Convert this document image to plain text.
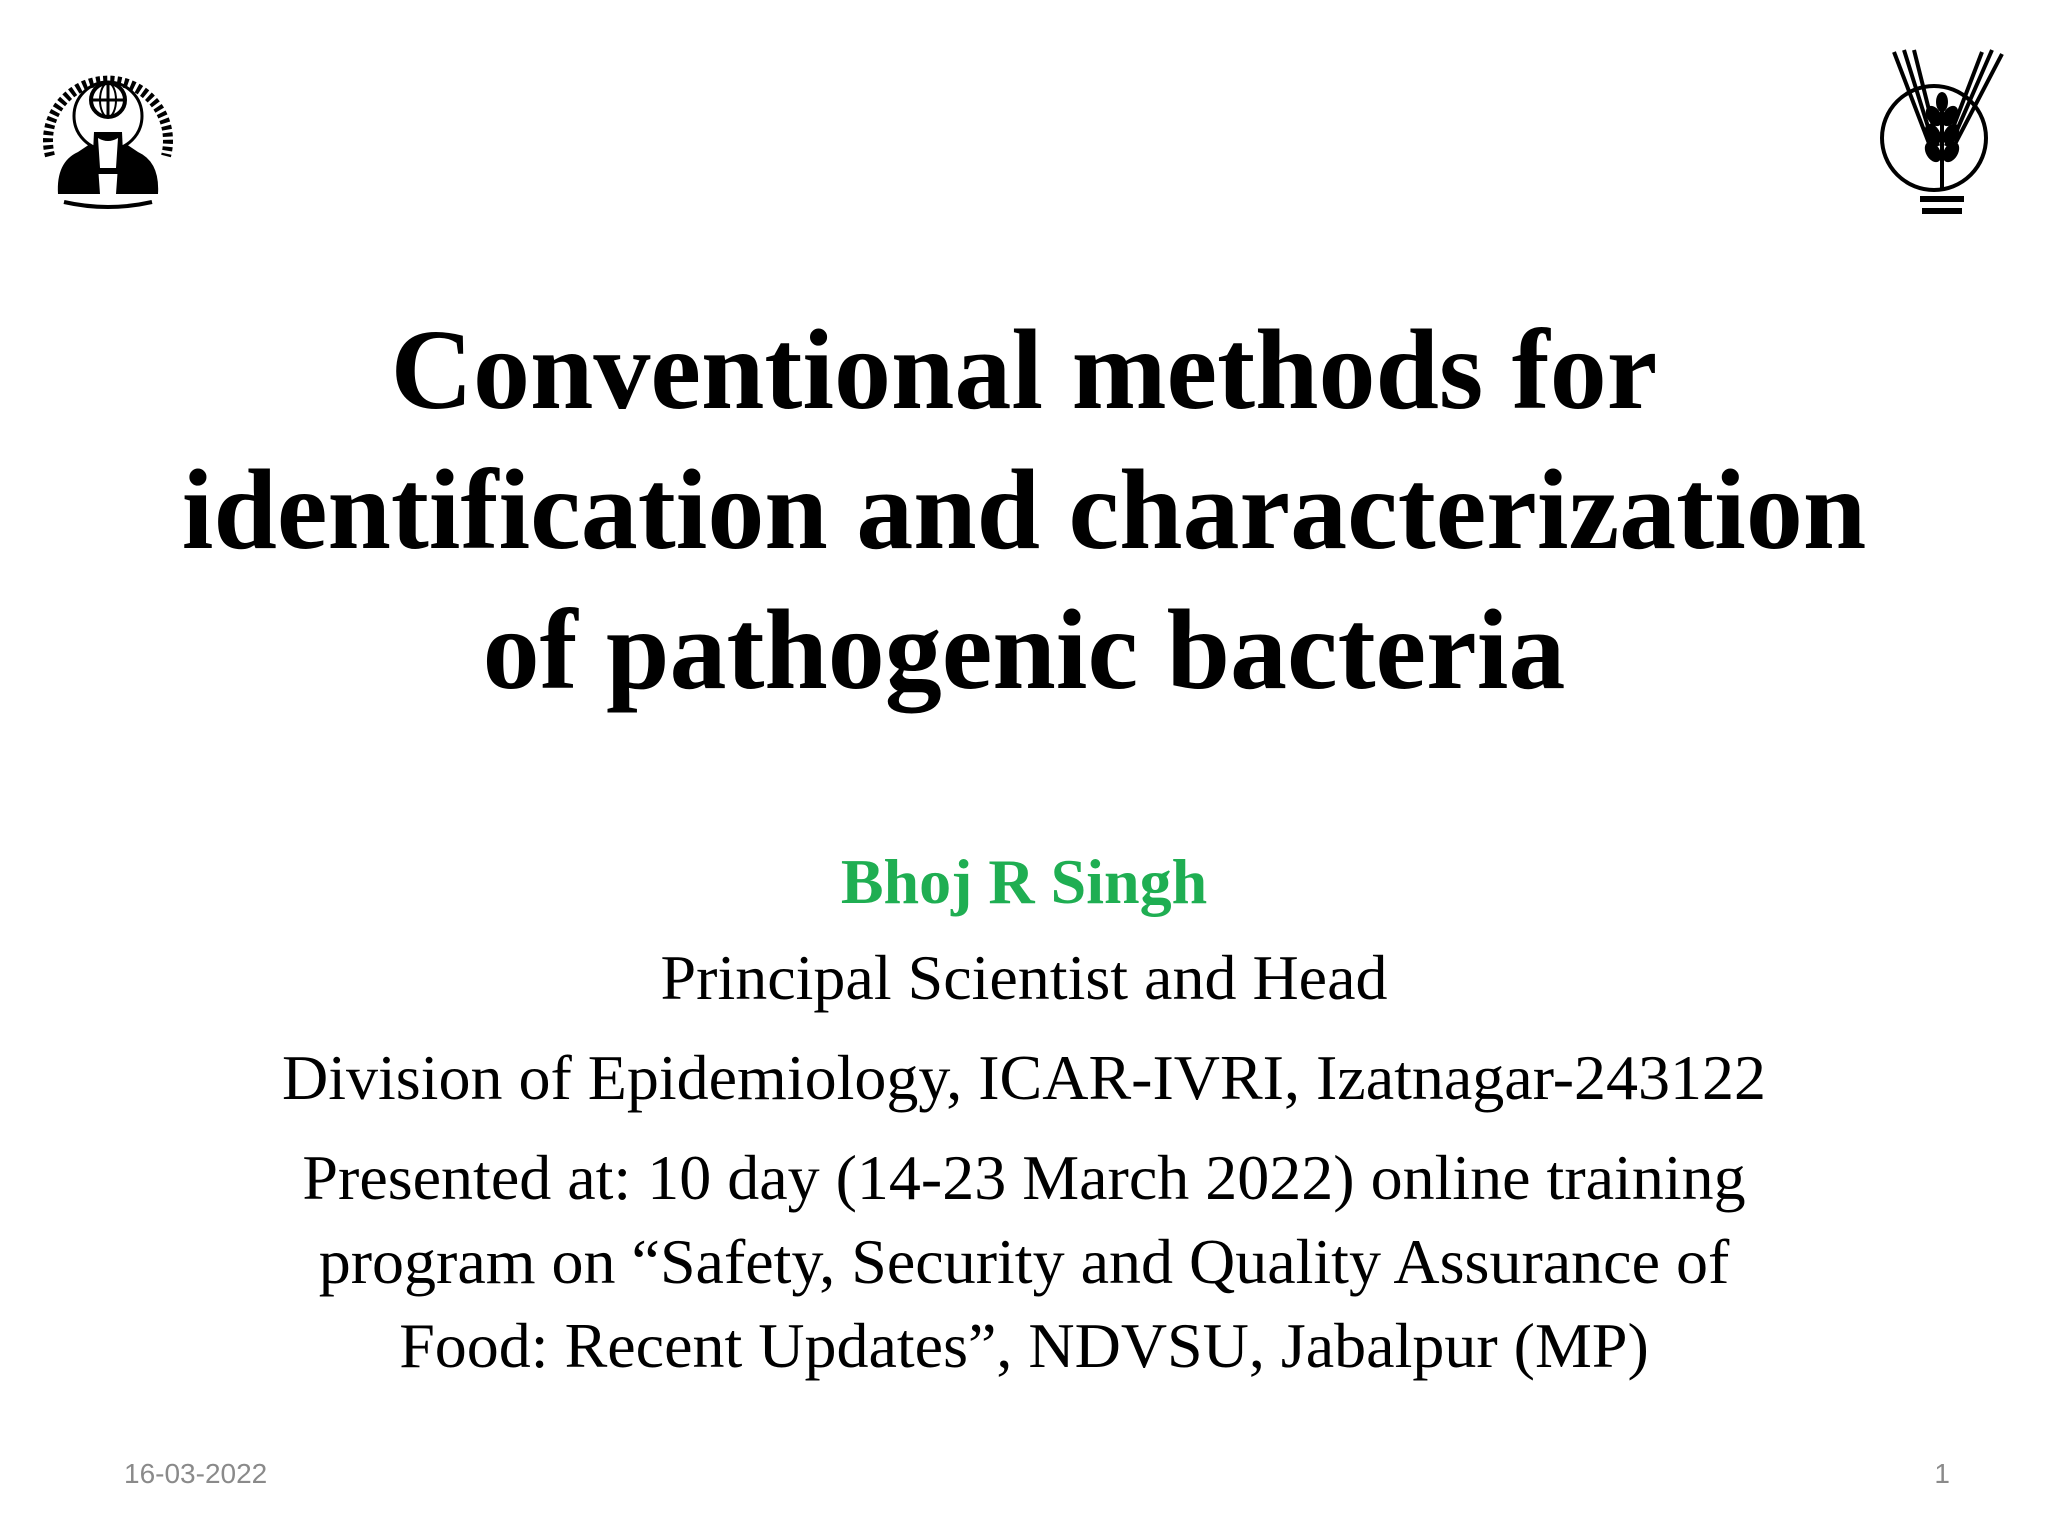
Conventional methods for
identification and characterization
of pathogenic bacteria
Bhoj R Singh
Principal Scientist and Head
Division of Epidemiology, ICAR-IVRI, Izatnagar-243122
Presented at: 10 day (14-23 March 2022) online training
program on “Safety, Security and Quality Assurance of
Food: Recent Updates”, NDVSU, Jabalpur (MP)
16-03-2022	1
